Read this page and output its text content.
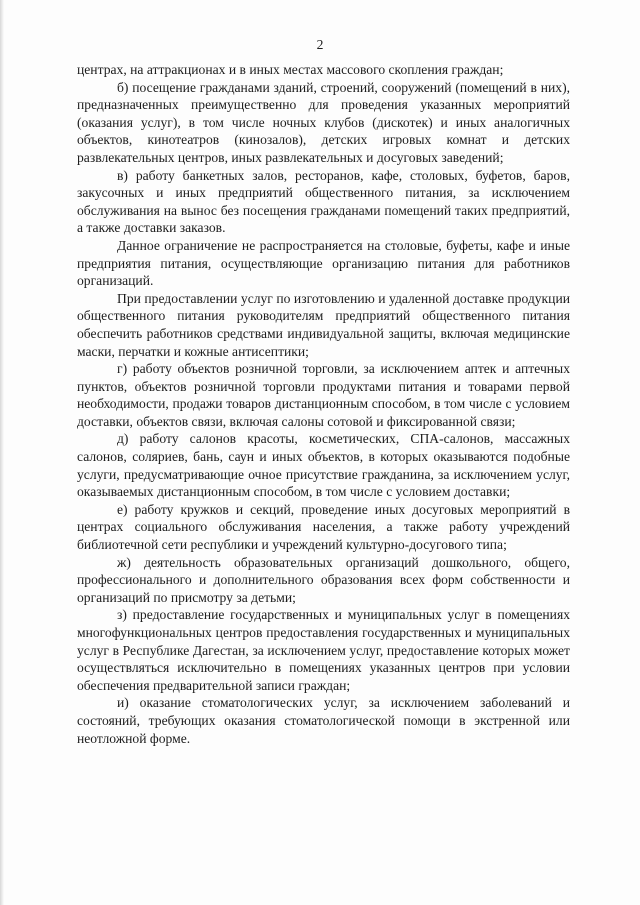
2

центрах, на аттракционах и в иных местах массового скопления граждан;

б) посещение гражданами зданий, строений, сооружений (помещений в них), предназначенных преимущественно для проведения указанных мероприятий (оказания услуг), в том числе ночных клубов (дискотек) и иных аналогичных объектов, кинотеатров (кинозалов), детских игровых комнат и детских развлекательных центров, иных развлекательных и досуговых заведений;

в) работу банкетных залов, ресторанов, кафе, столовых, буфетов, баров, закусочных и иных предприятий общественного питания, за исключением обслуживания на вынос без посещения гражданами помещений таких предприятий, а также доставки заказов.

Данное ограничение не распространяется на столовые, буфеты, кафе и иные предприятия питания, осуществляющие организацию питания для работников организаций.

При предоставлении услуг по изготовлению и удаленной доставке продукции общественного питания руководителям предприятий общественного питания обеспечить работников средствами индивидуальной защиты, включая медицинские маски, перчатки и кожные антисептики;

г) работу объектов розничной торговли, за исключением аптек и аптечных пунктов, объектов розничной торговли продуктами питания и товарами первой необходимости, продажи товаров дистанционным способом, в том числе с условием доставки, объектов связи, включая салоны сотовой и фиксированной связи;

д) работу салонов красоты, косметических, СПА-салонов, массажных салонов, соляриев, бань, саун и иных объектов, в которых оказываются подобные услуги, предусматривающие очное присутствие гражданина, за исключением услуг, оказываемых дистанционным способом, в том числе с условием доставки;

е) работу кружков и секций, проведение иных досуговых мероприятий в центрах социального обслуживания населения, а также работу учреждений библиотечной сети республики и учреждений культурно-досугового типа;

ж) деятельность образовательных организаций дошкольного, общего, профессионального и дополнительного образования всех форм собственности и организаций по присмотру за детьми;

з) предоставление государственных и муниципальных услуг в помещениях многофункциональных центров предоставления государственных и муниципальных услуг в Республике Дагестан, за исключением услуг, предоставление которых может осуществляться исключительно в помещениях указанных центров при условии обеспечения предварительной записи граждан;

и) оказание стоматологических услуг, за исключением заболеваний и состояний, требующих оказания стоматологической помощи в экстренной или неотложной форме.
